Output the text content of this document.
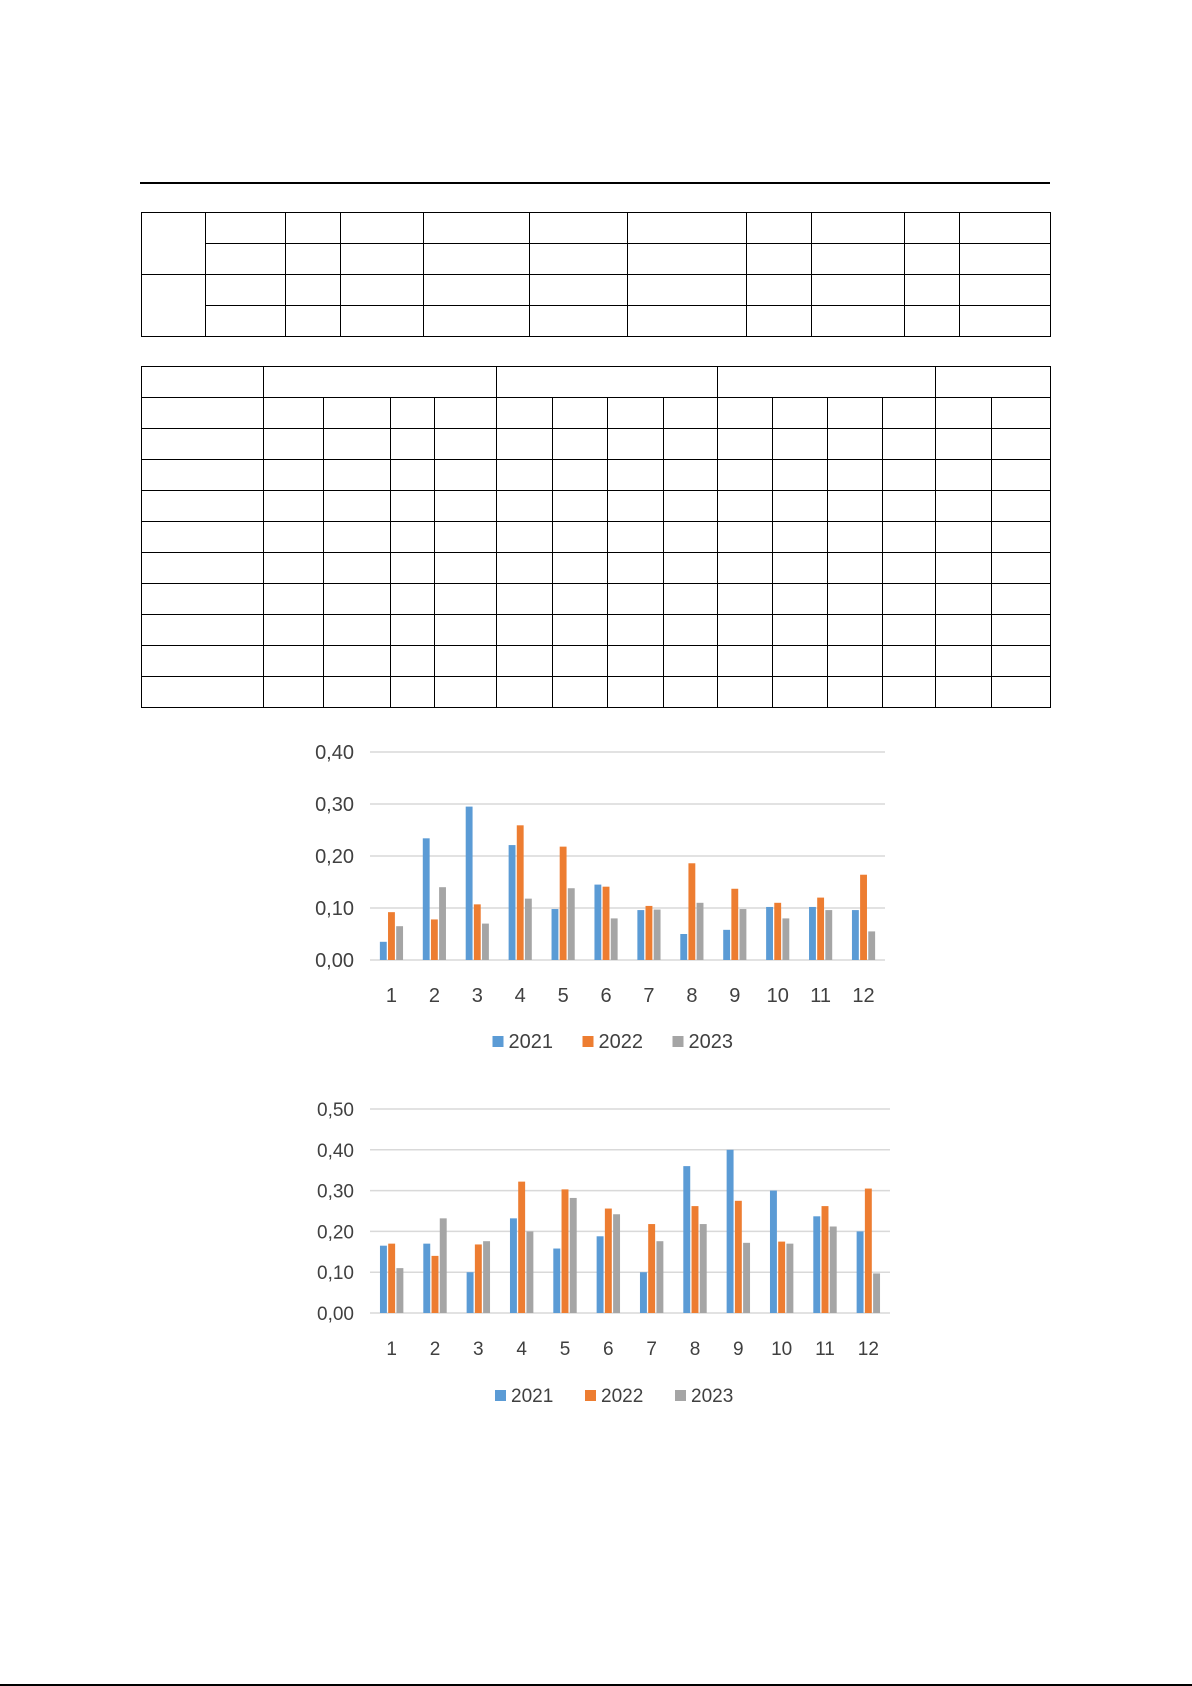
0,00
0,10
0,20
0,30
0,40
1 2 3 4 5 6 7 8 9 10 11 12
2021 2022 2023
0,00
0,10
0,20
0,30
0,40
0,50
1 2 3 4 5 6 7 8 9 10 11 12
2021	2022	2023
